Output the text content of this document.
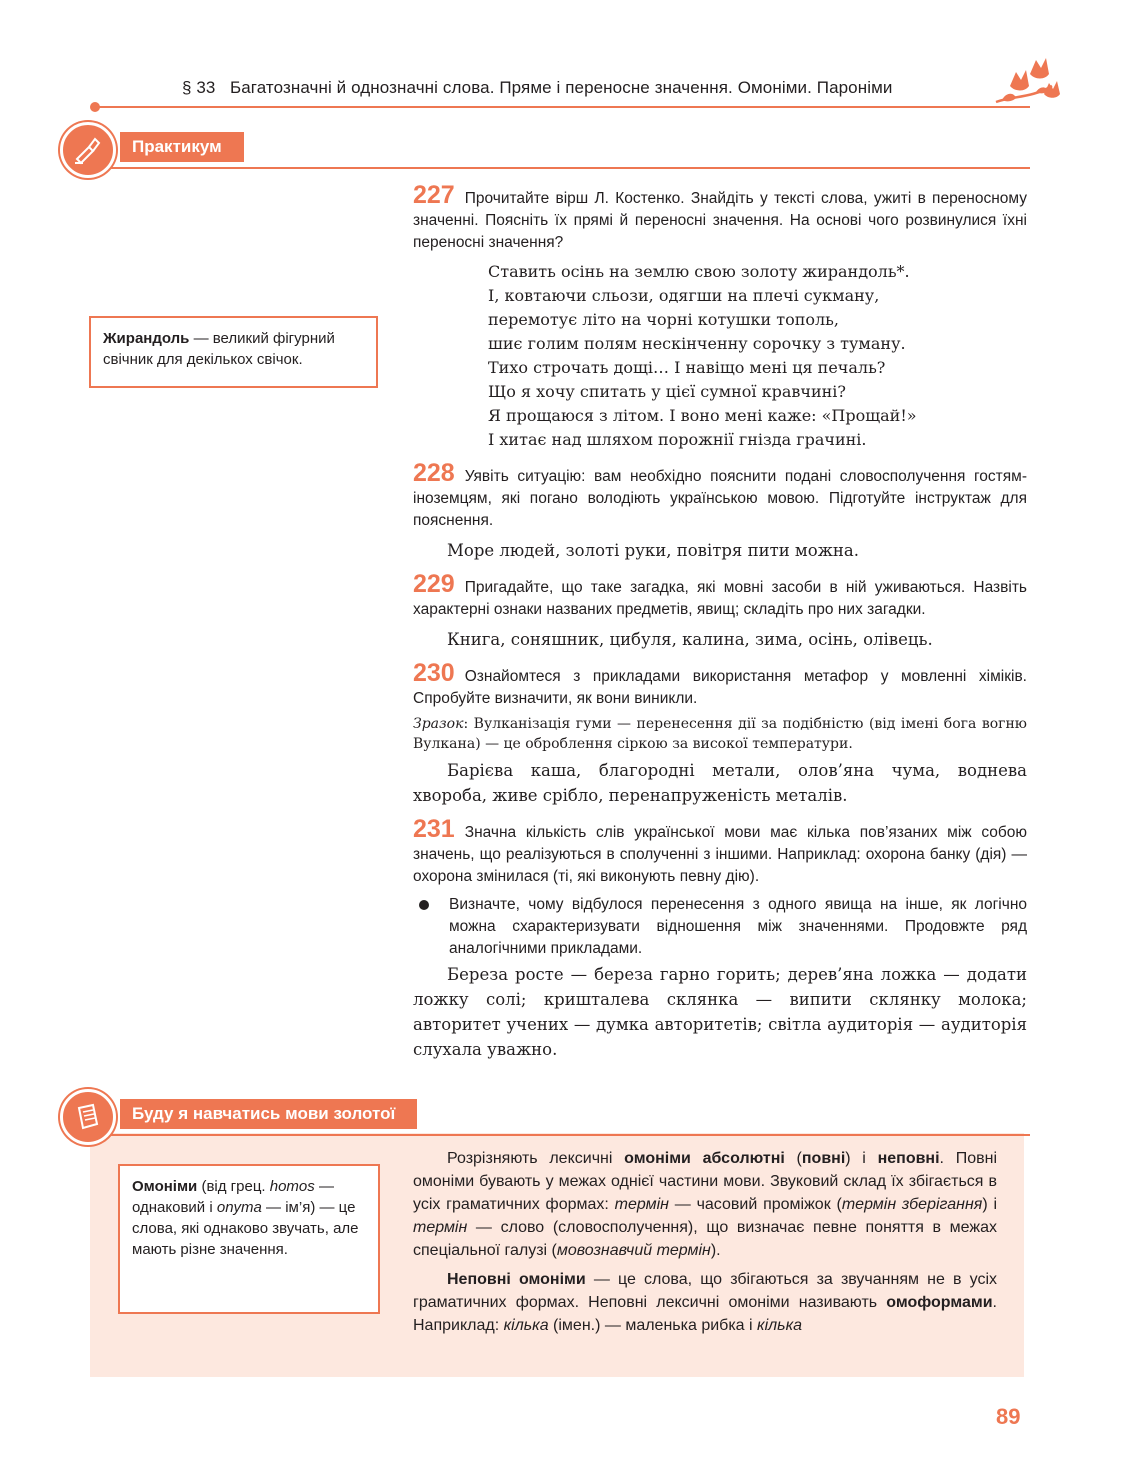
§ 33 Багатозначні й однозначні слова. Пряме і переносне значення. Омоніми. Пароніми
Практикум
Жирандоль — великий фігурний свічник для декількох свічок.
227 Прочитайте вірш Л. Костенко. Знайдіть у тексті слова, ужиті в переносному значенні. Поясніть їх прямі й переносні значення. На основі чого розвинулися їхні переносні значення?
Ставить осінь на землю свою золоту жирандоль*.
І, ковтаючи сльози, одягши на плечі сукману,
перемотує літо на чорні котушки тополь,
шиє голим полям нескінченну сорочку з туману.
Тихо строчать дощі… І навіщо мені ця печаль?
Що я хочу спитать у цієї сумної кравчині?
Я прощаюся з літом. І воно мені каже: «Прощай!»
І хитає над шляхом порожнії гнізда грачині.
228 Уявіть ситуацію: вам необхідно пояснити подані словосполучення гостям-іноземцям, які погано володіють українською мовою. Підготуйте інструктаж для пояснення.
Море людей, золоті руки, повітря пити можна.
229 Пригадайте, що таке загадка, які мовні засоби в ній уживаються. Назвіть характерні ознаки названих предметів, явищ; складіть про них загадки.
Книга, соняшник, цибуля, калина, зима, осінь, олівець.
230 Ознайомтеся з прикладами використання метафор у мовленні хіміків. Спробуйте визначити, як вони виникли.
Зразок: Вулканізація гуми — перенесення дії за подібністю (від імені бога вогню Вулкана) — це оброблення сіркою за високої температури.
Барієва каша, благородні метали, олов’яна чума, воднева хвороба, живе срібло, перенапруженість металів.
231 Значна кількість слів української мови має кілька пов’язаних між собою значень, що реалізуються в сполученні з іншими. Наприклад: охорона банку (дія) — охорона змінилася (ті, які виконують певну дію).
Визначте, чому відбулося перенесення з одного явища на інше, як логічно можна схарактеризувати відношення між значеннями. Продовжте ряд аналогічними прикладами.
Береза росте — береза гарно горить; дерев’яна ложка — додати ложку солі; кришталева склянка — випити склянку молока; авторитет учених — думка авторитетів; світла аудиторія — аудиторія слухала уважно.
Буду я навчатись мови золотої
Омоніми (від грец. homos — однаковий і onyma — ім’я) — це слова, які однаково звучать, але мають різне значення.

Розрізняють лексичні омоніми абсолютні (повні) і неповні. Повні омоніми бувають у межах однієї частини мови. Звуковий склад їх збігається в усіх граматичних формах: термін — часовий проміжок (термін зберігання) і термін — слово (словосполучення), що визначає певне поняття в межах спеціальної галузі (мовознавчий термін).

Неповні омоніми — це слова, що збігаються за звучанням не в усіх граматичних формах. Неповні лексичні омоніми називають омоформами. Наприклад: кілька (імен.) — маленька рибка і кілька

89
